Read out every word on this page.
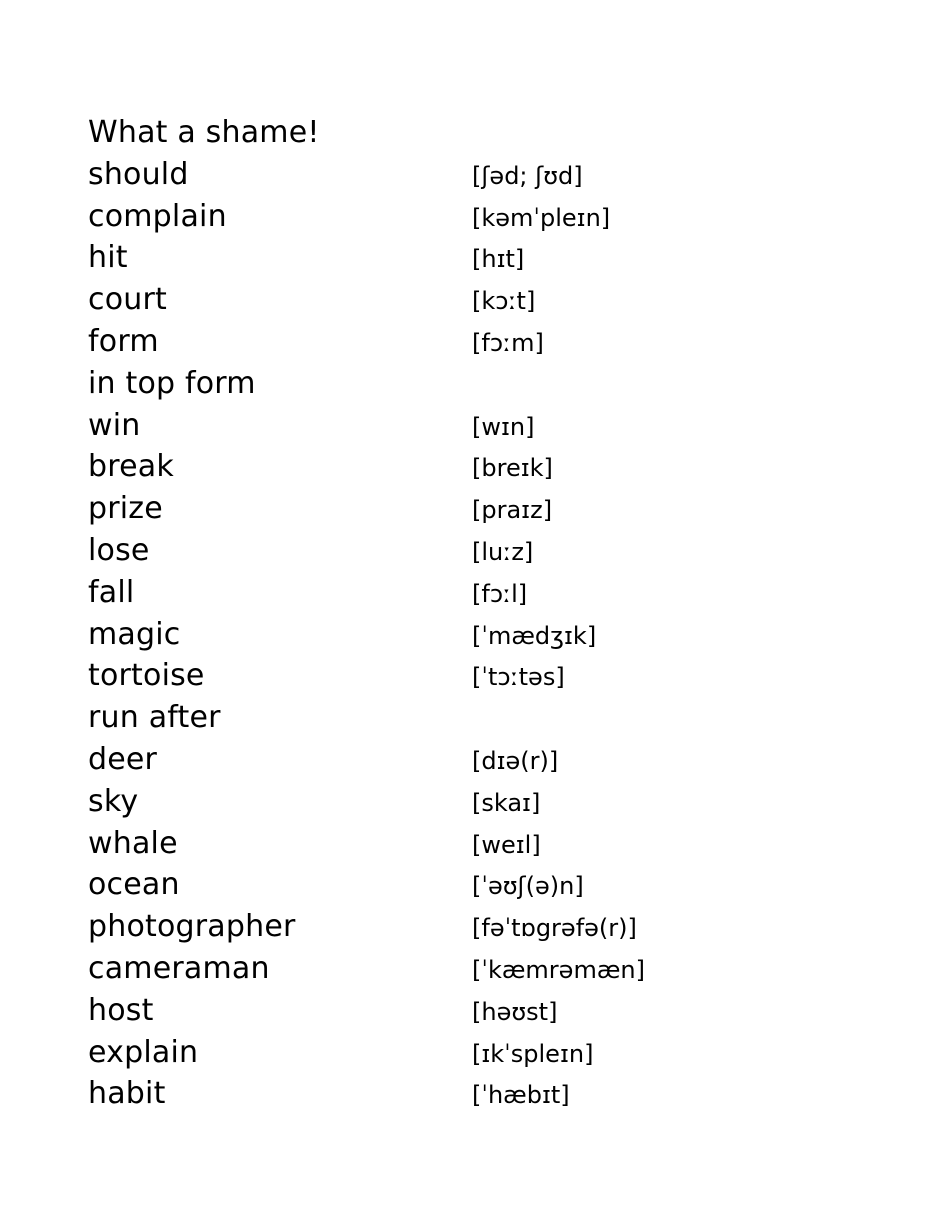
What a shame!
should	[ʃəd; ʃʊd]
complain	[kəmˈpleɪn]
hit	[hɪt]
court	[kɔːt]
form	[fɔːm]
in top form
win	[wɪn]
break	[breɪk]
prize	[praɪz]
lose	[luːz]
fall	[fɔːl]
magic	[ˈmædʒɪk]
tortoise	[ˈtɔːtəs]
run after
deer	[dɪə(r)]
sky	[skaɪ]
whale	[weɪl]
ocean	[ˈəʊʃ(ə)n]
photographer	[fəˈtɒgrəfə(r)]
cameraman	[ˈkæmrəmæn]
host	[həʊst]
explain	[ɪkˈspleɪn]
habit	[ˈhæbɪt]
